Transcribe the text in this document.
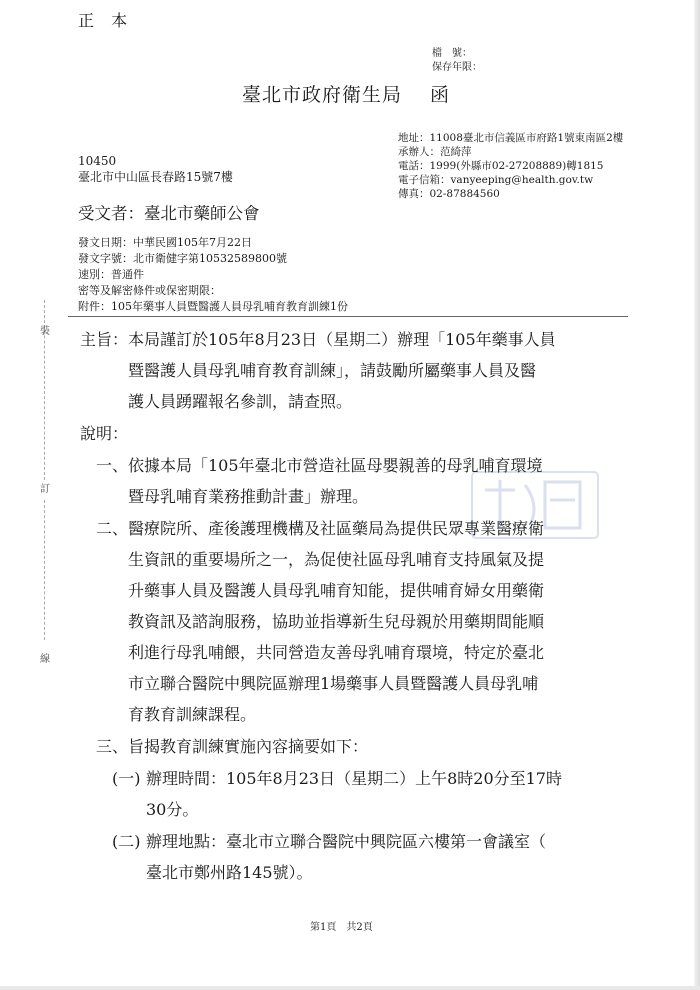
正 本
檔　號：
保存年限：
臺北市政府衛生局 函
地址：11008臺北市信義區市府路1號東南區2樓
承辦人：范綺萍
電話：1999(外縣市02-27208889)轉1815
電子信箱：vanyeeping@health.gov.tw
傳真：02-87884560
10450
臺北市中山區長春路15號7樓
受文者：臺北市藥師公會
發文日期：中華民國105年7月22日
發文字號：北市衛健字第10532589800號
速別：普通件
密等及解密條件或保密期限：
附件：105年藥事人員暨醫護人員母乳哺育教育訓練1份
主旨： 本局謹訂於105年8月23日（星期二）辦理「105年藥事人員
暨醫護人員母乳哺育教育訓練」，請鼓勵所屬藥事人員及醫
護人員踴躍報名參訓，請查照。
說明：
一、 依據本局「105年臺北市營造社區母嬰親善的母乳哺育環境
暨母乳哺育業務推動計畫」辦理。
二、 醫療院所、產後護理機構及社區藥局為提供民眾專業醫療衛
生資訊的重要場所之一，為促使社區母乳哺育支持風氣及提
升藥事人員及醫護人員母乳哺育知能，提供哺育婦女用藥衛
教資訊及諮詢服務，協助並指導新生兒母親於用藥期間能順
利進行母乳哺餵，共同營造友善母乳哺育環境，特定於臺北
市立聯合醫院中興院區辦理1場藥事人員暨醫護人員母乳哺
育教育訓練課程。
三、 旨揭教育訓練實施內容摘要如下：
(一) 辦理時間：105年8月23日（星期二）上午8時20分至17時
30分。
(二) 辦理地點：臺北市立聯合醫院中興院區六樓第一會議室（
臺北市鄭州路145號）。
裝
訂
線
第1頁　共2頁
